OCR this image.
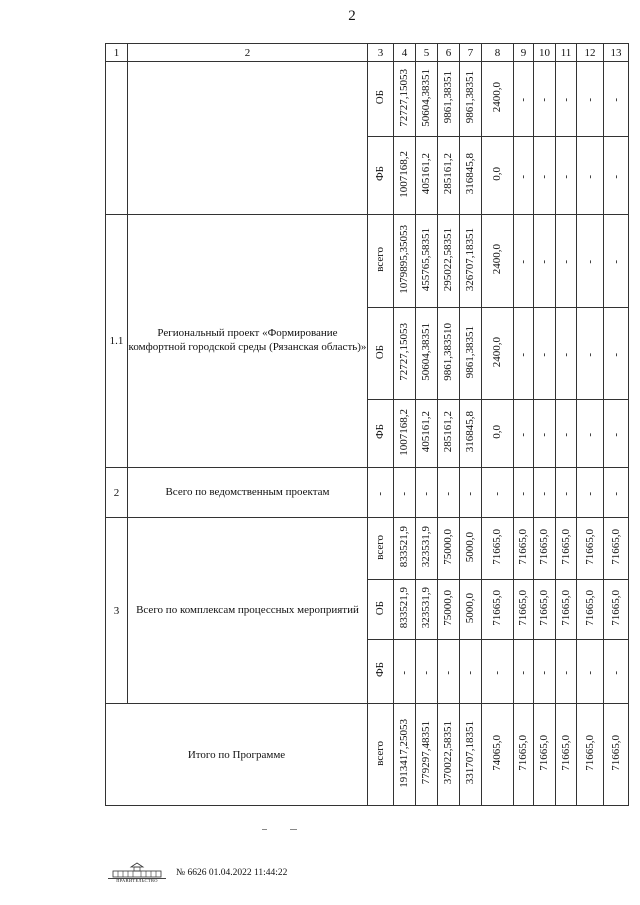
2
1	2	3	4	5	6	7	8	9	10	11	12	13
		ОБ	72727,15053	50604,38351	9861,38351	9861,38351	2400,0	-	-	-	-	-
		ФБ	1007168,2	405161,2	285161,2	316845,8	0,0	-	-	-	-	-
1.1	Региональный проект «Формирование комфортной городской среды (Рязанская область)»	всего	1079895,35053	455765,58351	295022,58351	326707,18351	2400,0	-	-	-	-	-
		ОБ	72727,15053	50604,38351	9861,383510	9861,38351	2400,0	-	-	-	-	-
		ФБ	1007168,2	405161,2	285161,2	316845,8	0,0	-	-	-	-	-
2	Всего по ведомственным проектам	-	-	-	-	-	-	-	-	-	-	-
3	Всего по комплексам процессных мероприятий	всего	833521,9	323531,9	75000,0	5000,0	71665,0	71665,0	71665,0	71665,0	71665,0	71665,0
		ОБ	833521,9	323531,9	75000,0	5000,0	71665,0	71665,0	71665,0	71665,0	71665,0	71665,0
		ФБ	-	-	-	-	-	-	-	-	-	-
Итого по Программе		всего	1913417,25053	779297,48351	370022,58351	331707,18351	74065,0	71665,0	71665,0	71665,0	71665,0	71665,0
ПРАВИТЕЛЬСТВО
№ 6626 01.04.2022 11:44:22
